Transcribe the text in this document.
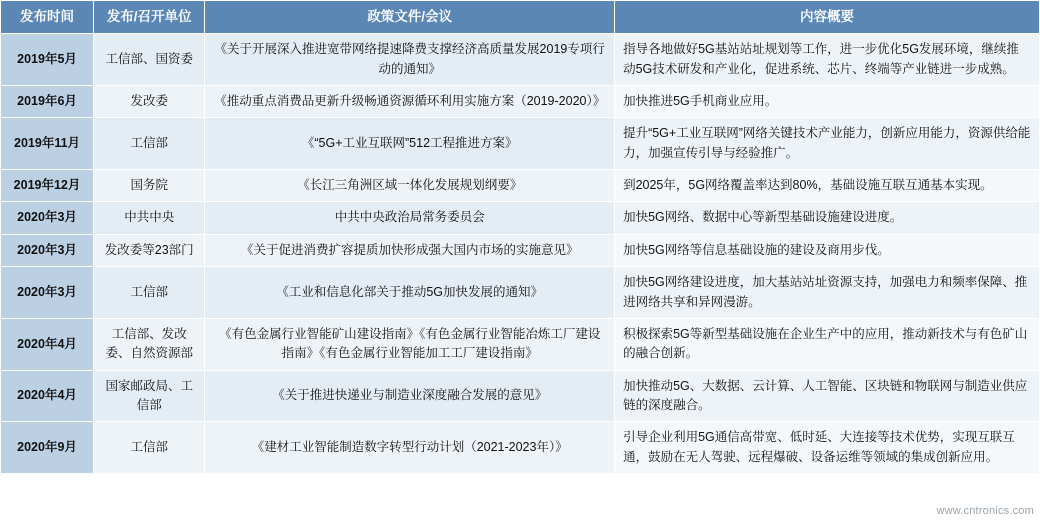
发布时间	发布/召开单位	政策文件/会议	内容概要
2019年5月	工信部、国资委	《关于开展深入推进宽带网络提速降费支撑经济高质量发展2019专项行动的通知》	指导各地做好5G基站站址规划等工作，进一步优化5G发展环境，继续推动5G技术研发和产业化，促进系统、芯片、终端等产业链进一步成熟。
2019年6月	发改委	《推动重点消费品更新升级畅通资源循环利用实施方案（2019-2020）》	加快推进5G手机商业应用。
2019年11月	工信部	《“5G+工业互联网”512工程推进方案》	提升“5G+工业互联网”网络关键技术产业能力，创新应用能力，资源供给能力，加强宣传引导与经验推广。
2019年12月	国务院	《长江三角洲区域一体化发展规划纲要》	到2025年，5G网络覆盖率达到80%，基础设施互联互通基本实现。
2020年3月	中共中央	中共中央政治局常务委员会	加快5G网络、数据中心等新型基础设施建设进度。
2020年3月	发改委等23部门	《关于促进消费扩容提质加快形成强大国内市场的实施意见》	加快5G网络等信息基础设施的建设及商用步伐。
2020年3月	工信部	《工业和信息化部关于推动5G加快发展的通知》	加快5G网络建设进度，加大基站站址资源支持，加强电力和频率保障、推进网络共享和异网漫游。
2020年4月	工信部、发改委、自然资源部	《有色金属行业智能矿山建设指南》《有色金属行业智能冶炼工厂建设指南》《有色金属行业智能加工工厂建设指南》	积极探索5G等新型基础设施在企业生产中的应用，推动新技术与有色矿山的融合创新。
2020年4月	国家邮政局、工信部	《关于推进快递业与制造业深度融合发展的意见》	加快推动5G、大数据、云计算、人工智能、区块链和物联网与制造业供应链的深度融合。
2020年9月	工信部	《建材工业智能制造数字转型行动计划（2021-2023年）》	引导企业利用5G通信高带宽、低时延、大连接等技术优势，实现互联互通，鼓励在无人驾驶、远程爆破、设备运维等领域的集成创新应用。
www.cntronics.com
